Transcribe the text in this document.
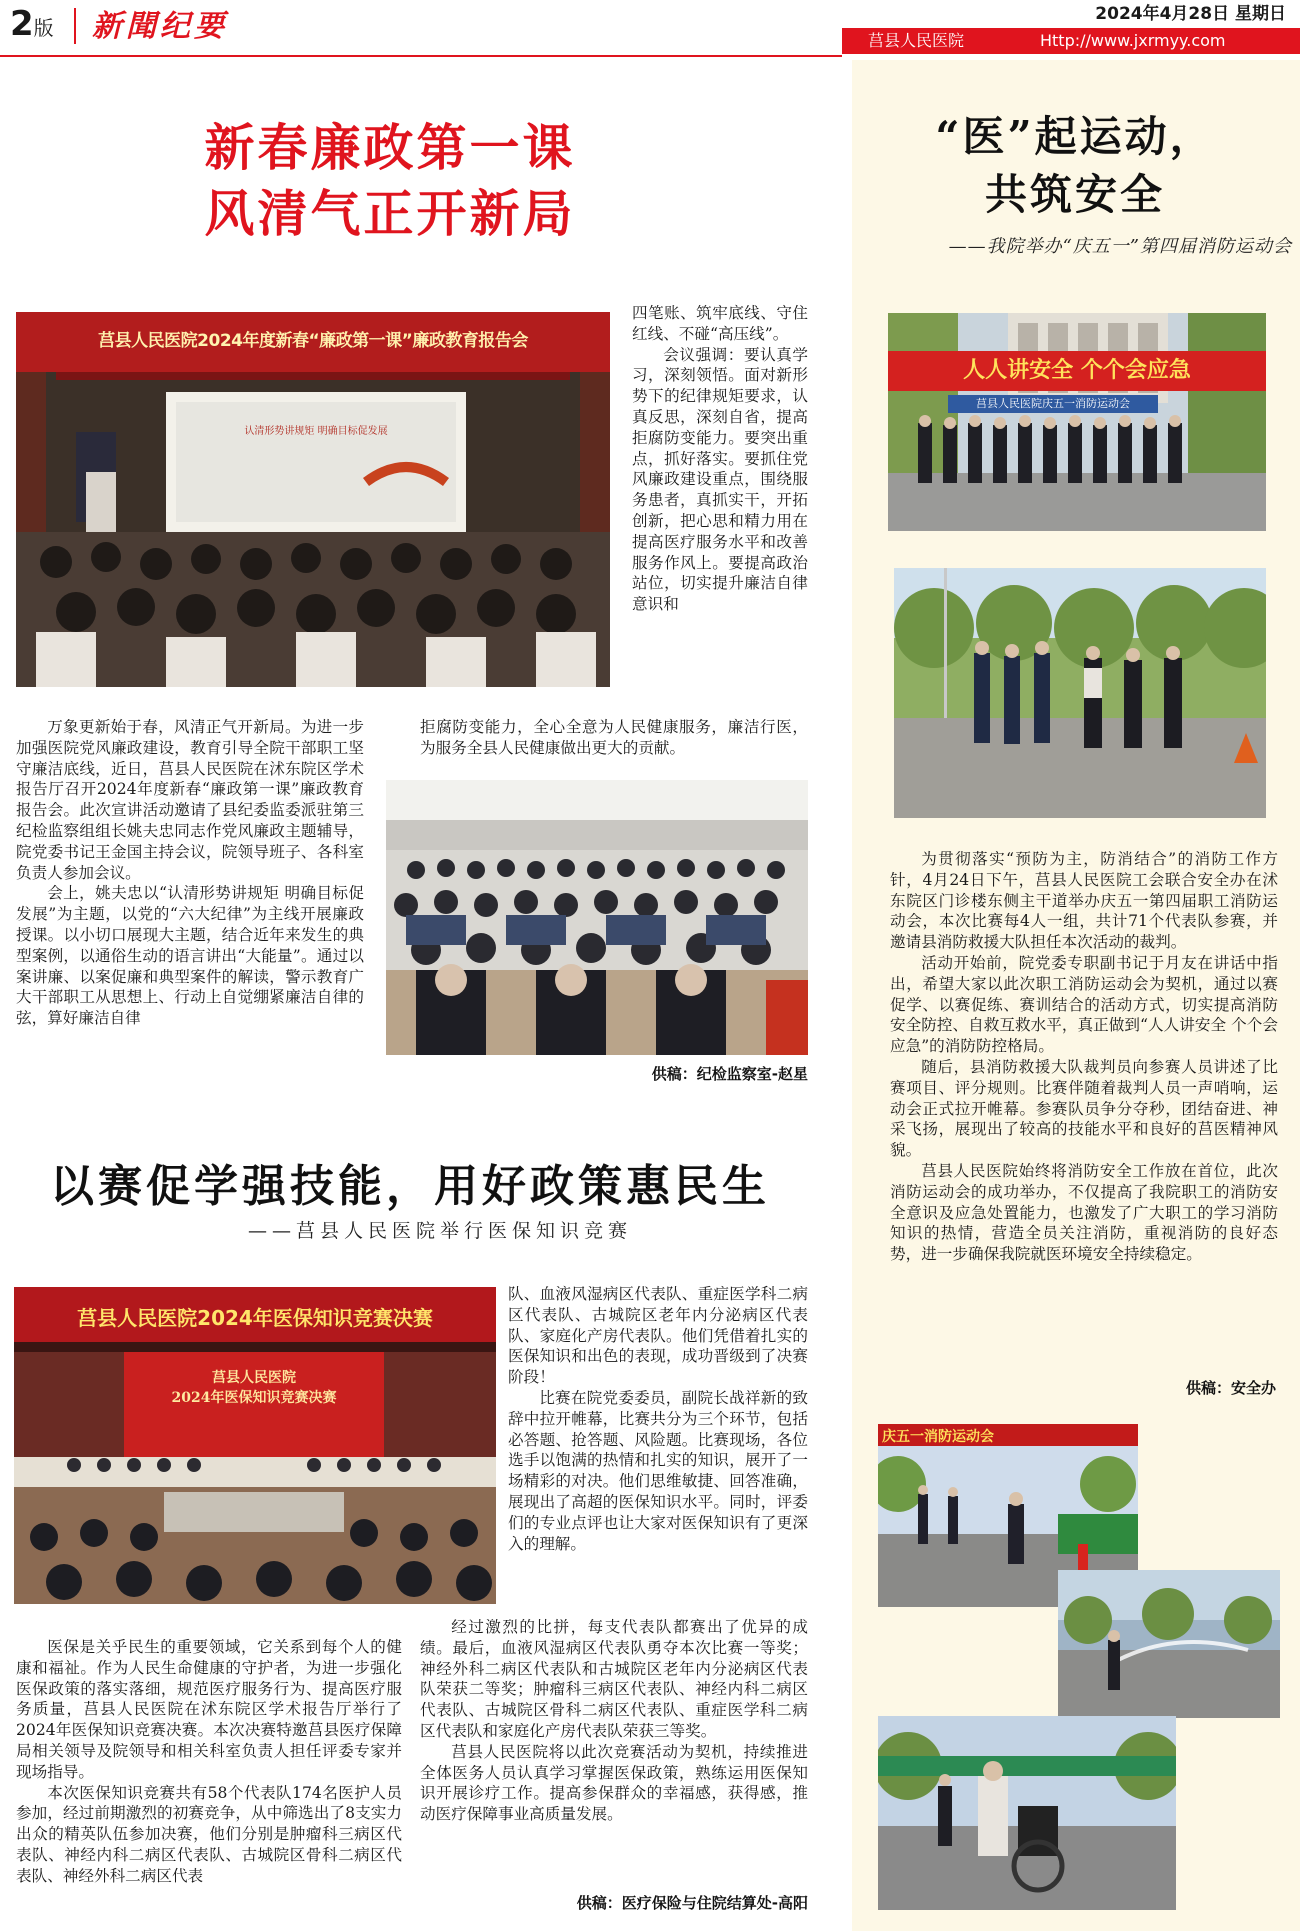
2版 新聞纪要	2024年4月28日 星期日
莒县人民医院	Http://www.jxrmyy.com
新春廉政第一课
风清气正开新局
莒县人民医院2024年度新春“廉政第一课”廉政教育报告会
认清形势讲规矩 明确目标促发展

四笔账、筑牢底线、守住红线、不碰“高压线”。

会议强调：要认真学习，深刻领悟。面对新形势下的纪律规矩要求，认真反思，深刻自省，提高拒腐防变能力。要突出重点，抓好落实。要抓住党风廉政建设重点，围绕服务患者，真抓实干，开拓创新，把心思和精力用在提高医疗服务水平和改善服务作风上。要提高政治站位，切实提升廉洁自律意识和

拒腐防变能力，全心全意为人民健康服务，廉洁行医，为服务全县人民健康做出更大的贡献。

万象更新始于春，风清正气开新局。为进一步加强医院党风廉政建设，教育引导全院干部职工坚守廉洁底线，近日，莒县人民医院在沭东院区学术报告厅召开2024年度新春“廉政第一课”廉政教育报告会。此次宣讲活动邀请了县纪委监委派驻第三纪检监察组组长姚夫忠同志作党风廉政主题辅导，院党委书记王金国主持会议，院领导班子、各科室负责人参加会议。

会上，姚夫忠以“认清形势讲规矩 明确目标促发展”为主题，以党的“六大纪律”为主线开展廉政授课。以小切口展现大主题，结合近年来发生的典型案例，以通俗生动的语言讲出“大能量”。通过以案讲廉、以案促廉和典型案件的解读，警示教育广大干部职工从思想上、行动上自觉绷紧廉洁自律的弦，算好廉洁自律

供稿：纪检监察室-赵星
以赛促学强技能，用好政策惠民生
——莒县人民医院举行医保知识竞赛
莒县人民医院2024年医保知识竞赛决赛
莒县人民医院
2024年医保知识竞赛决赛

队、血液风湿病区代表队、重症医学科二病区代表队、古城院区老年内分泌病区代表队、家庭化产房代表队。他们凭借着扎实的医保知识和出色的表现，成功晋级到了决赛阶段！

比赛在院党委委员，副院长战祥新的致辞中拉开帷幕，比赛共分为三个环节，包括必答题、抢答题、风险题。比赛现场，各位选手以饱满的热情和扎实的知识，展开了一场精彩的对决。他们思维敏捷、回答准确，展现出了高超的医保知识水平。同时，评委们的专业点评也让大家对医保知识有了更深入的理解。

经过激烈的比拼，每支代表队都赛出了优异的成绩。最后，血液风湿病区代表队勇夺本次比赛一等奖；神经外科二病区代表队和古城院区老年内分泌病区代表队荣获二等奖；肿瘤科三病区代表队、神经内科二病区代表队、古城院区骨科二病区代表队、重症医学科二病区代表队和家庭化产房代表队荣获三等奖。

莒县人民医院将以此次竞赛活动为契机，持续推进全体医务人员认真学习掌握医保政策，熟练运用医保知识开展诊疗工作。提高参保群众的幸福感，获得感，推动医疗保障事业高质量发展。

医保是关乎民生的重要领域，它关系到每个人的健康和福祉。作为人民生命健康的守护者，为进一步强化医保政策的落实落细，规范医疗服务行为、提高医疗服务质量，莒县人民医院在沭东院区学术报告厅举行了2024年医保知识竞赛决赛。本次决赛特邀莒县医疗保障局相关领导及院领导和相关科室负责人担任评委专家并现场指导。

本次医保知识竞赛共有58个代表队174名医护人员参加，经过前期激烈的初赛竞争，从中筛选出了8支实力出众的精英队伍参加决赛，他们分别是肿瘤科三病区代表队、神经内科二病区代表队、古城院区骨科二病区代表队、神经外科二病区代表

供稿：医疗保险与住院结算处-高阳
“医”起运动，
共筑安全
——我院举办“庆五一”第四届消防运动会
人人讲安全 个个会应急
莒县人民医院庆五一消防运动会

为贯彻落实“预防为主，防消结合”的消防工作方针，4月24日下午，莒县人民医院工会联合安全办在沭东院区门诊楼东侧主干道举办庆五一第四届职工消防运动会，本次比赛每4人一组，共计71个代表队参赛，并邀请县消防救援大队担任本次活动的裁判。

活动开始前，院党委专职副书记于月友在讲话中指出，希望大家以此次职工消防运动会为契机，通过以赛促学、以赛促练、赛训结合的活动方式，切实提高消防安全防控、自救互救水平，真正做到“人人讲安全 个个会应急”的消防防控格局。

随后，县消防救援大队裁判员向参赛人员讲述了比赛项目、评分规则。比赛伴随着裁判人员一声哨响，运动会正式拉开帷幕。参赛队员争分夺秒，团结奋进、神采飞扬，展现出了较高的技能水平和良好的莒医精神风貌。

莒县人民医院始终将消防安全工作放在首位，此次消防运动会的成功举办，不仅提高了我院职工的消防安全意识及应急处置能力，也激发了广大职工的学习消防知识的热情，营造全员关注消防，重视消防的良好态势，进一步确保我院就医环境安全持续稳定。

供稿：安全办
庆五一消防运动会
